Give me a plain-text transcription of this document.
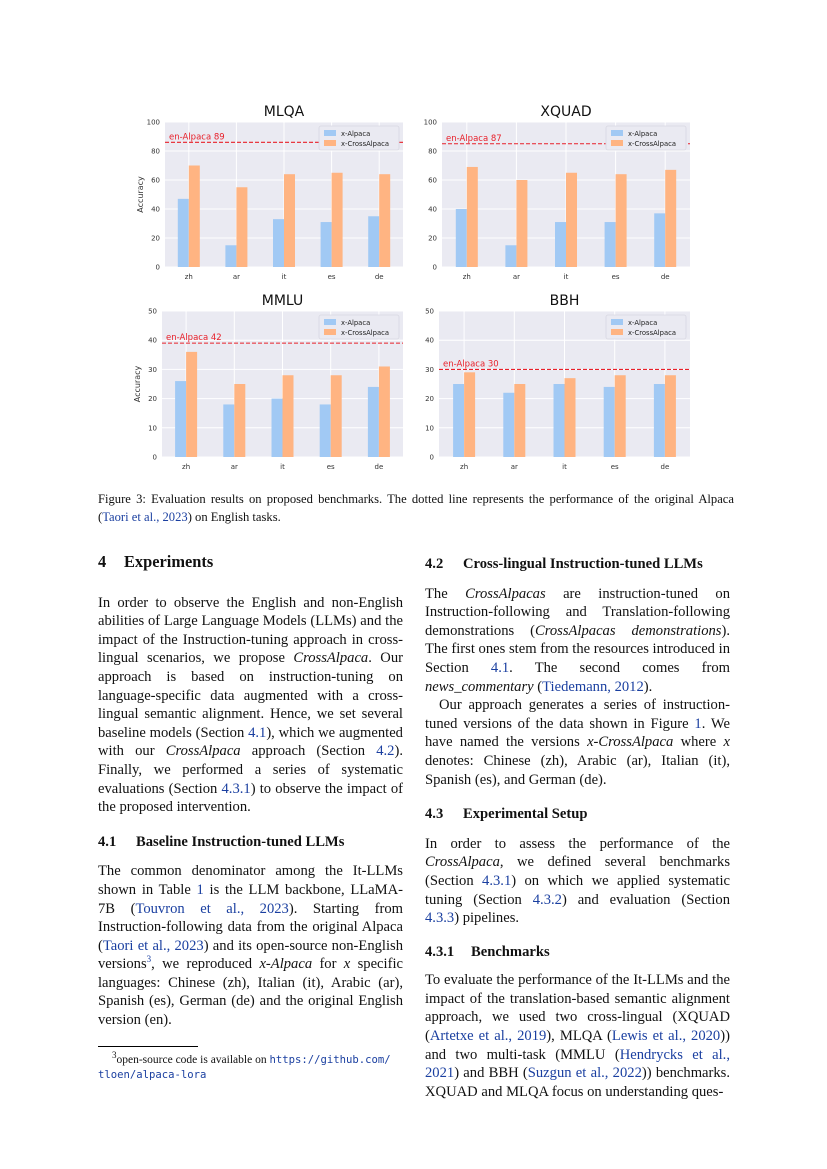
0
20
40
60
80
100
zh	ar	it	es	de
en-Alpaca 89
MLQA
Accuracy
x-Alpaca
x-CrossAlpaca
0
20
40
60
80
100
zh	ar	it	es	de
en-Alpaca 87
XQUAD
x-Alpaca
x-CrossAlpaca
0
10
20
30
40
50
zh	ar	it	es	de
en-Alpaca 42
MMLU
Accuracy
x-Alpaca
x-CrossAlpaca
0
10
20
30
40
50
zh	ar	it	es	de
en-Alpaca 30
BBH
x-Alpaca
x-CrossAlpaca
Figure 3: Evaluation results on proposed benchmarks. The dotted line represents the performance of the original Alpaca (Taori et al., 2023) on English tasks.
4 Experiments

In order to observe the English and non-English abilities of Large Language Models (LLMs) and the impact of the Instruction-tuning approach in cross-lingual scenarios, we propose CrossAlpaca. Our approach is based on instruction-tuning on language-specific data augmented with a cross-lingual semantic alignment. Hence, we set several baseline models (Section 4.1), which we augmented with our CrossAlpaca approach (Section 4.2). Finally, we performed a series of systematic evaluations (Section 4.3.1) to observe the impact of the proposed intervention.

4.1 Baseline Instruction-tuned LLMs

The common denominator among the It-LLMs shown in Table 1 is the LLM backbone, LLaMA-7B (Touvron et al., 2023). Starting from Instruction-following data from the original Alpaca (Taori et al., 2023) and its open-source non-English versions$^3$, we reproduced x-Alpaca for x specific languages: Chinese (zh), Italian (it), Arabic (ar), Spanish (es), German (de) and the original English version (en).

$^3$open-source code is available on https://github.com/
tloen/alpaca-lora
4.2 Cross-lingual Instruction-tuned LLMs

The CrossAlpacas are instruction-tuned on Instruction-following and Translation-following demonstrations (CrossAlpacas demonstrations). The first ones stem from the resources introduced in Section 4.1. The second comes from news_commentary (Tiedemann, 2012).

Our approach generates a series of instruction-tuned versions of the data shown in Figure 1. We have named the versions x-CrossAlpaca where x denotes: Chinese (zh), Arabic (ar), Italian (it), Spanish (es), and German (de).

4.3 Experimental Setup

In order to assess the performance of the CrossAlpaca, we defined several benchmarks (Section 4.3.1) on which we applied systematic tuning (Section 4.3.2) and evaluation (Section 4.3.3) pipelines.

4.3.1 Benchmarks

To evaluate the performance of the It-LLMs and the impact of the translation-based semantic alignment approach, we used two cross-lingual (XQUAD (Artetxe et al., 2019), MLQA (Lewis et al., 2020)) and two multi-task (MMLU (Hendrycks et al., 2021) and BBH (Suzgun et al., 2022)) benchmarks. XQUAD and MLQA focus on understanding ques-
